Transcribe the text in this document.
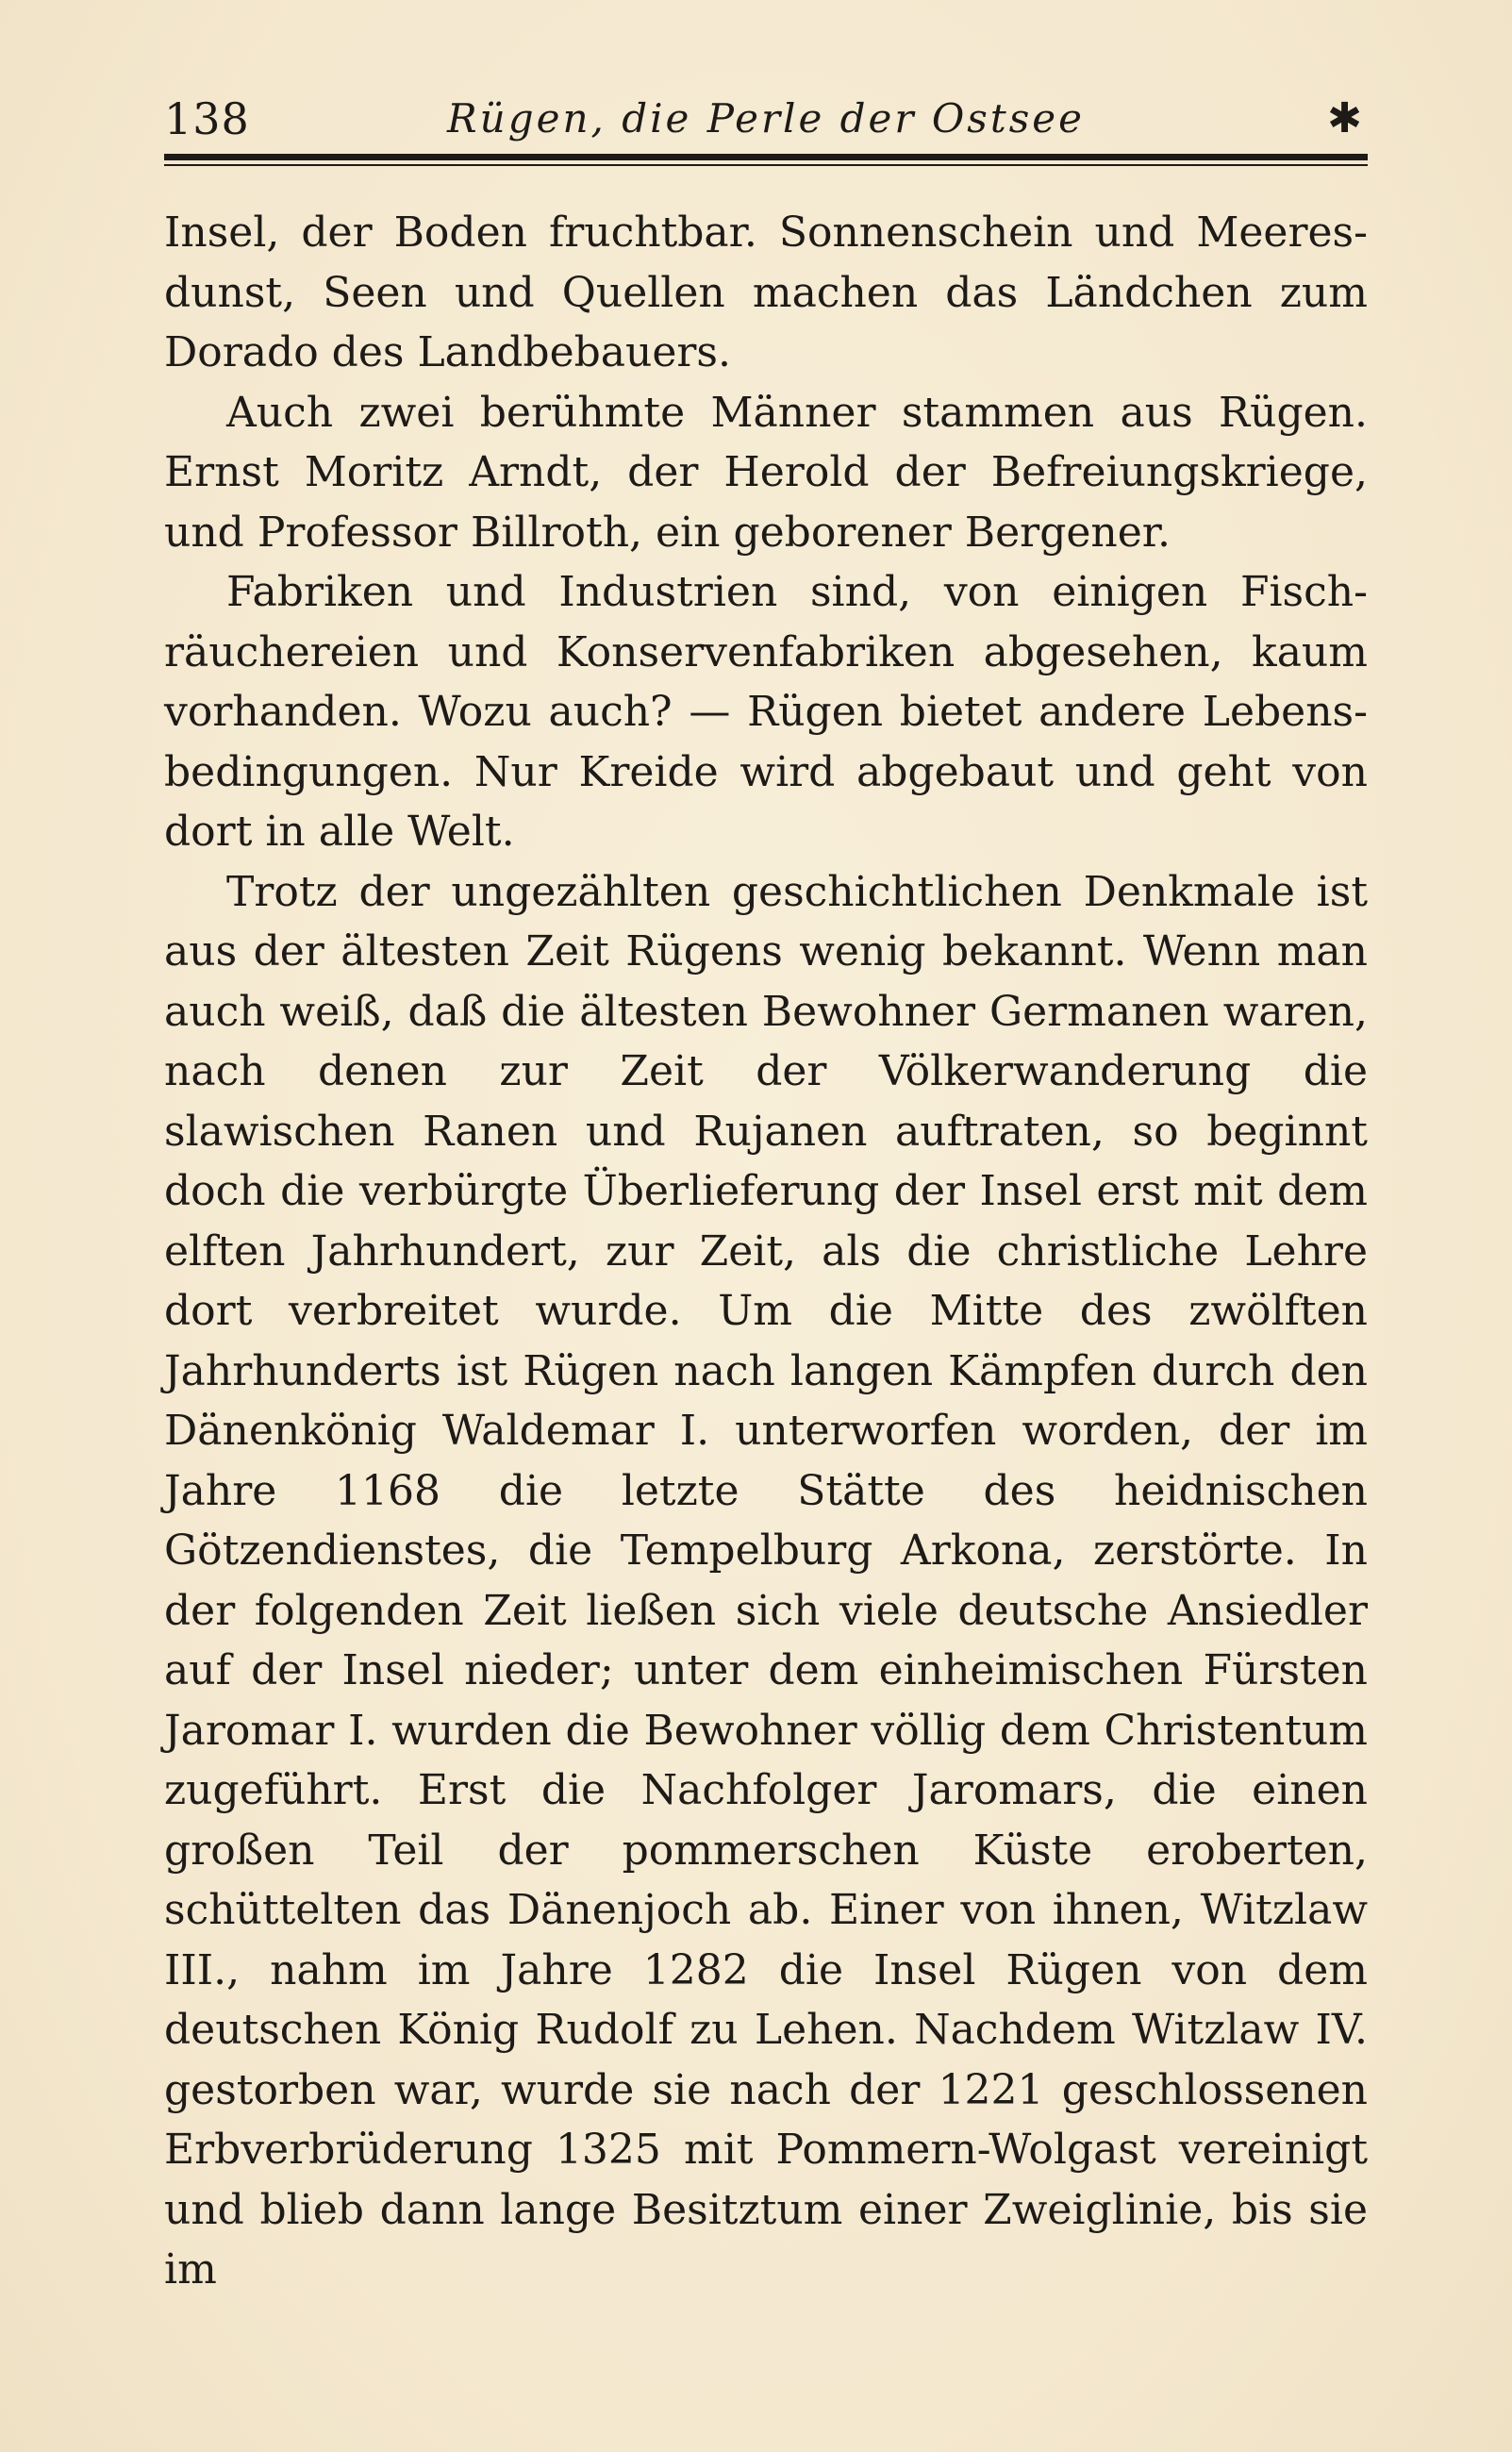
138	Rügen, die Perle der Ostsee	✱

Insel, der Boden fruchtbar. Sonnenschein und Meeresdunst, Seen und Quellen machen das Ländchen zum Dorado des Landbebauers.

Auch zwei berühmte Männer stammen aus Rügen. Ernst Moritz Arndt, der Herold der Befreiungskriege, und Professor Billroth, ein geborener Bergener.

Fabriken und Industrien sind, von einigen Fischräuchereien und Konservenfabriken abgesehen, kaum vorhanden. Wozu auch? — Rügen bietet andere Lebensbedingungen. Nur Kreide wird abgebaut und geht von dort in alle Welt.

Trotz der ungezählten geschichtlichen Denkmale ist aus der ältesten Zeit Rügens wenig bekannt. Wenn man auch weiß, daß die ältesten Bewohner Germanen waren, nach denen zur Zeit der Völkerwanderung die slawischen Ranen und Rujanen auftraten, so beginnt doch die verbürgte Überlieferung der Insel erst mit dem elften Jahrhundert, zur Zeit, als die christliche Lehre dort verbreitet wurde. Um die Mitte des zwölften Jahrhunderts ist Rügen nach langen Kämpfen durch den Dänenkönig Waldemar I. unterworfen worden, der im Jahre 1168 die letzte Stätte des heidnischen Götzendienstes, die Tempelburg Arkona, zerstörte. In der folgenden Zeit ließen sich viele deutsche Ansiedler auf der Insel nieder; unter dem einheimischen Fürsten Jaromar I. wurden die Bewohner völlig dem Christentum zugeführt. Erst die Nachfolger Jaromars, die einen großen Teil der pommerschen Küste eroberten, schüttelten das Dänenjoch ab. Einer von ihnen, Witzlaw III., nahm im Jahre 1282 die Insel Rügen von dem deutschen König Rudolf zu Lehen. Nachdem Witzlaw IV. gestorben war, wurde sie nach der 1221 geschlossenen Erbverbrüderung 1325 mit Pommern-Wolgast vereinigt und blieb dann lange Besitztum einer Zweiglinie, bis sie im
